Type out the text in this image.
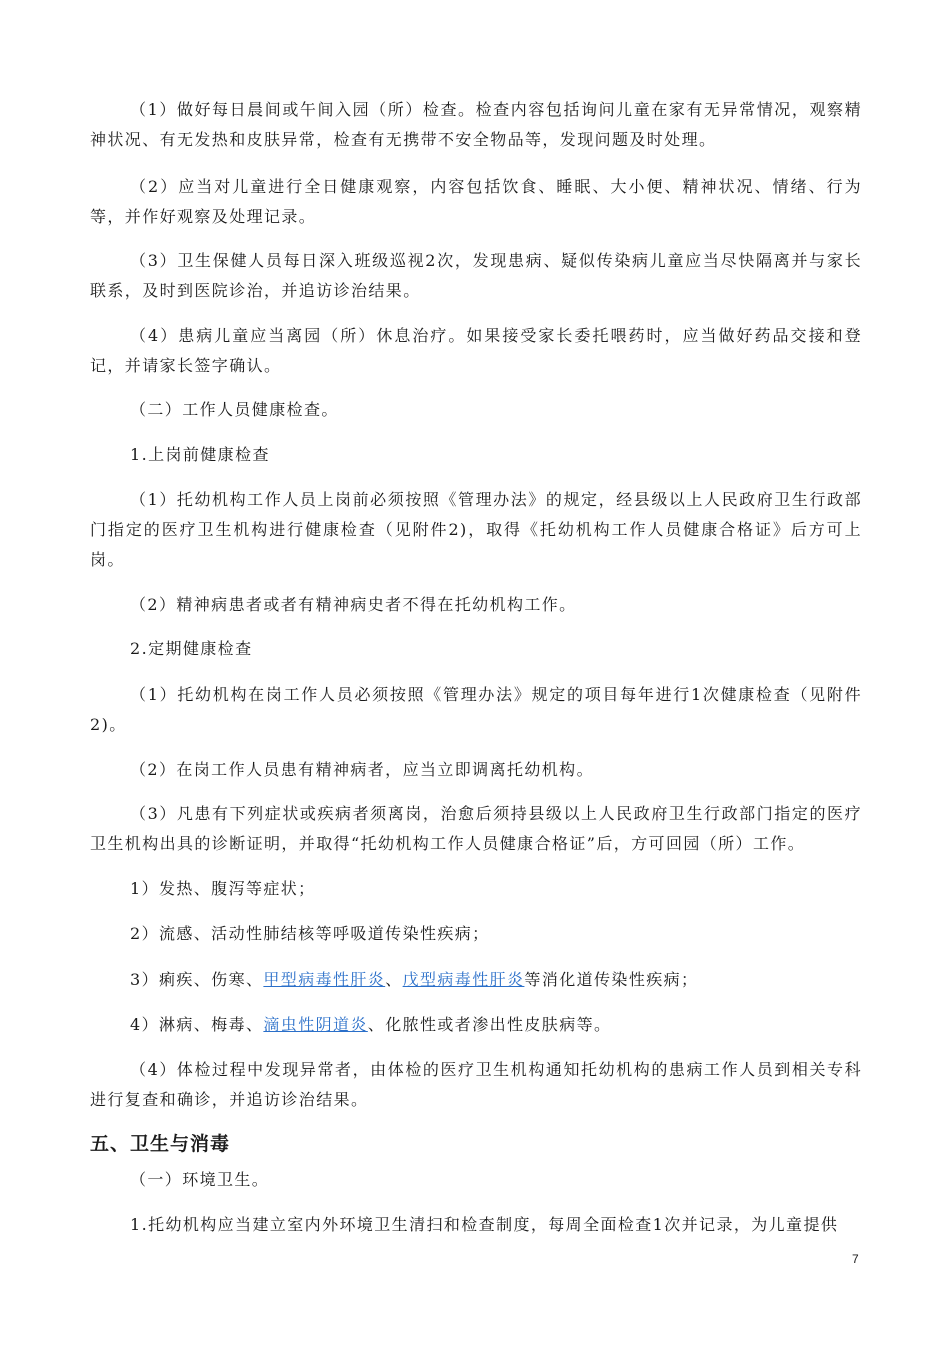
（1）做好每日晨间或午间入园（所）检查。检查内容包括询问儿童在家有无异常情况，观察精神状况、有无发热和皮肤异常，检查有无携带不安全物品等，发现问题及时处理。

（2）应当对儿童进行全日健康观察，内容包括饮食、睡眠、大小便、精神状况、情绪、行为等，并作好观察及处理记录。

（3）卫生保健人员每日深入班级巡视2次，发现患病、疑似传染病儿童应当尽快隔离并与家长联系，及时到医院诊治，并追访诊治结果。

（4）患病儿童应当离园（所）休息治疗。如果接受家长委托喂药时，应当做好药品交接和登记，并请家长签字确认。

（二）工作人员健康检查。

1.上岗前健康检查

（1）托幼机构工作人员上岗前必须按照《管理办法》的规定，经县级以上人民政府卫生行政部门指定的医疗卫生机构进行健康检查（见附件2)，取得《托幼机构工作人员健康合格证》后方可上岗。

（2）精神病患者或者有精神病史者不得在托幼机构工作。

2.定期健康检查

（1）托幼机构在岗工作人员必须按照《管理办法》规定的项目每年进行1次健康检查（见附件2)。

（2）在岗工作人员患有精神病者，应当立即调离托幼机构。

（3）凡患有下列症状或疾病者须离岗，治愈后须持县级以上人民政府卫生行政部门指定的医疗卫生机构出具的诊断证明，并取得“托幼机构工作人员健康合格证”后，方可回园（所）工作。

1）发热、腹泻等症状；

2）流感、活动性肺结核等呼吸道传染性疾病；

3）痢疾、伤寒、甲型病毒性肝炎、戊型病毒性肝炎等消化道传染性疾病；

4）淋病、梅毒、滴虫性阴道炎、化脓性或者渗出性皮肤病等。

（4）体检过程中发现异常者，由体检的医疗卫生机构通知托幼机构的患病工作人员到相关专科进行复查和确诊，并追访诊治结果。

五、卫生与消毒

（一）环境卫生。

1.托幼机构应当建立室内外环境卫生清扫和检查制度，每周全面检查1次并记录，为儿童提供

7
